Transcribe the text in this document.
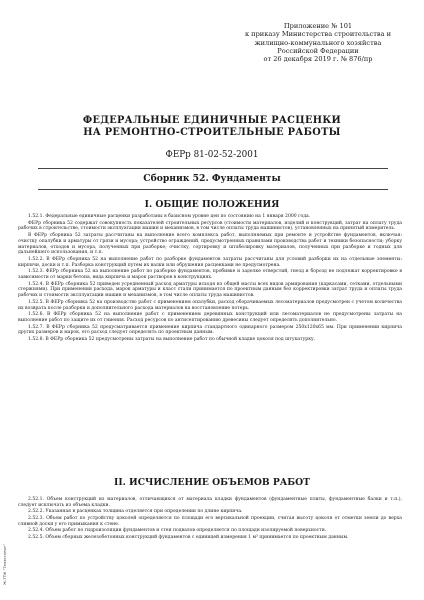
Приложение № 101
к приказу Министерства строительства и
жилищно-коммунального хозяйства
Российской Федерации
от 26 декабря 2019 г. № 876/пр
ФЕДЕРАЛЬНЫЕ ЕДИНИЧНЫЕ РАСЦЕНКИ
НА РЕМОНТНО-СТРОИТЕЛЬНЫЕ РАБОТЫ
ФЕРр 81-02-52-2001
Сборник 52. Фундаменты
I. ОБЩИЕ ПОЛОЖЕНИЯ

1.52.1. Федеральные единичные расценки разработаны в базисном уровне цен по состоянию на 1 января 2000 года.

ФЕРр сборника 52 содержат совокупность показателей строительных ресурсов (стоимости материалов, изделий и конструкций, затрат на оплату труда рабочих в строительстве, стоимости эксплуатации машин и механизмов, в том числе оплаты труда машинистов), установленных на принятый измеритель.

В ФЕРр сборника 52 затраты рассчитаны на выполнение всего комплекса работ, выполняемых при ремонте и устройстве фундаментов, включая: очистку опалубки и арматуры от грязи и мусора; устройство ограждений, предусмотренных правилами производства работ и техники безопасности; уборку материалов, отходов и мусора, полученных при разборке; очистку, сортировку и штабелировку материалов, полученных при разборке и годных для дальнейшего использования, и т.п.

1.52.2. В ФЕРр сборника 52 на выполнение работ по разборке фундаментов затраты рассчитаны для условий разборки их на отдельные элементы: кирпичи, доски и т.п. Разборка конструкций путем их валки или обрушения расценками не предусмотрена.

1.52.3. ФЕРр сборника 52 на выполнение работ по разборке фундаментов, пробивке и заделке отверстий, гнезд и борозд не подлежат корректировке в зависимости от марки бетона, вида кирпича и марок растворов в конструкциях.

1.52.4. В ФЕРр сборника 52 приведен усредненный расход арматуры исходя из общей массы всех видов армирования (каркасами, сетками, отдельными стержнями). При применении расхода, марок арматуры и класс стали принимается по проектным данным без корректировки затрат труда и оплаты труда рабочих и стоимости эксплуатации машин и механизмов, в том числе оплаты труда машинистов.

1.52.5. В ФЕРр сборника 52 на производство работ с применением опалубки, расход оборачиваемых лесоматериалов предусмотрен с учетом количества их возврата после разборки и дополнительного расхода материалов на восстановление потерь.

1.52.6. В ФЕРр сборника 52 на выполнение работ с применением деревянных конструкций или лесоматериалов не предусмотрены затраты на выполнение работ по защите их от гниения. Расход ресурсов по антисептированию древесины следует определять дополнительно.

1.52.7. В ФЕРр сборника 52 предусматривается применение кирпича стандартного одинарного размером 250х120х65 мм. При применении кирпича других размеров и марок, его расход следует определять по проектным данным.

1.52.8. В ФЕРр сборника 52 предусмотрены затраты на выполнение работ по обычной кладке цоколя под штукатурку.

II. ИСЧИСЛЕНИЕ ОБЪЕМОВ РАБОТ

2.52.1. Объем конструкций из материалов, отличающихся от материала кладки фундаментов (фундаментные плиты, фундаментные балки и т.п.), следует исключать из объема кладки.

2.52.2. Указанная в расценках толщина отделяется при определении по длине кирпича.

2.52.3. Объем работ по устройству цоколей определяется по площади его вертикальной проекции, считая высоту цоколя от отметки земли до верха сливной доски у его примыкания к стене.

2.52.4. Объем работ по гидроизоляции фундаментов и стен подвалов определяется по площади изолируемой поверхности.

2.52.5. Объем сборных железобетонных конструкций фундаментов с единицей измерения 1 м³ принимается по проектным данным.

Ж-ТПК "Техэксперт"
